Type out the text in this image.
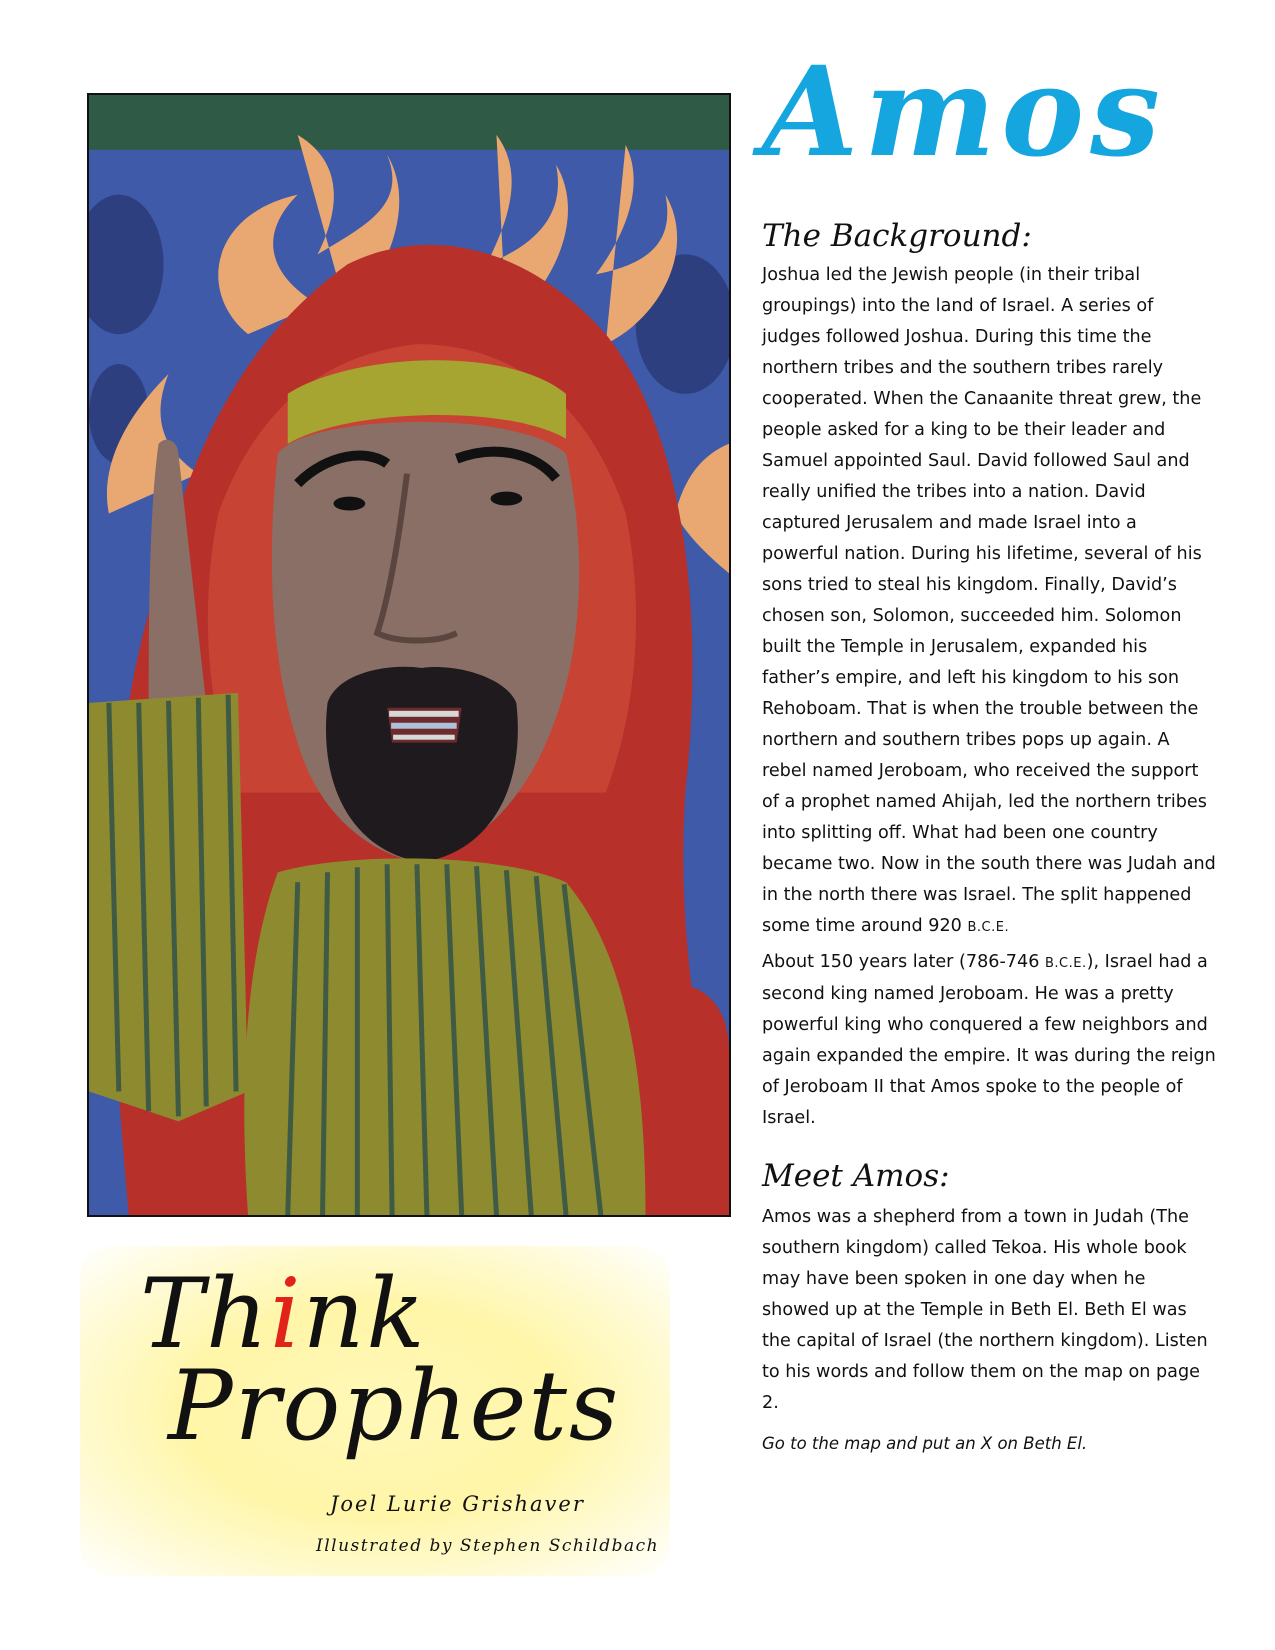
Amos
The Background:

Joshua led the Jewish people (in their tribal groupings) into the land of Israel. A series of judges followed Joshua. During this time the northern tribes and the southern tribes rarely cooperated. When the Canaanite threat grew, the people asked for a king to be their leader and Samuel appointed Saul. David followed Saul and really unified the tribes into a nation. David captured Jerusalem and made Israel into a powerful nation. During his lifetime, several of his sons tried to steal his kingdom. Finally, David’s chosen son, Solomon, succeeded him. Solomon built the Temple in Jerusalem, expanded his father’s empire, and left his kingdom to his son Rehoboam. That is when the trouble between the northern and southern tribes pops up again. A rebel named Jeroboam, who received the support of a prophet named Ahijah, led the northern tribes into splitting off. What had been one country became two. Now in the south there was Judah and in the north there was Israel. The split happened some time around 920 B.C.E.

About 150 years later (786-746 B.C.E.), Israel had a second king named Jeroboam. He was a pretty powerful king who conquered a few neighbors and again expanded the empire. It was during the reign of Jeroboam II that Amos spoke to the people of Israel.

Meet Amos:

Amos was a shepherd from a town in Judah (The southern kingdom) called Tekoa. His whole book may have been spoken in one day when he showed up at the Temple in Beth El. Beth El was the capital of Israel (the northern kingdom). Listen to his words and follow them on the map on page 2.

Go to the map and put an X on Beth El.

Think
Prophets

Joel Lurie Grishaver

Illustrated by Stephen Schildbach
